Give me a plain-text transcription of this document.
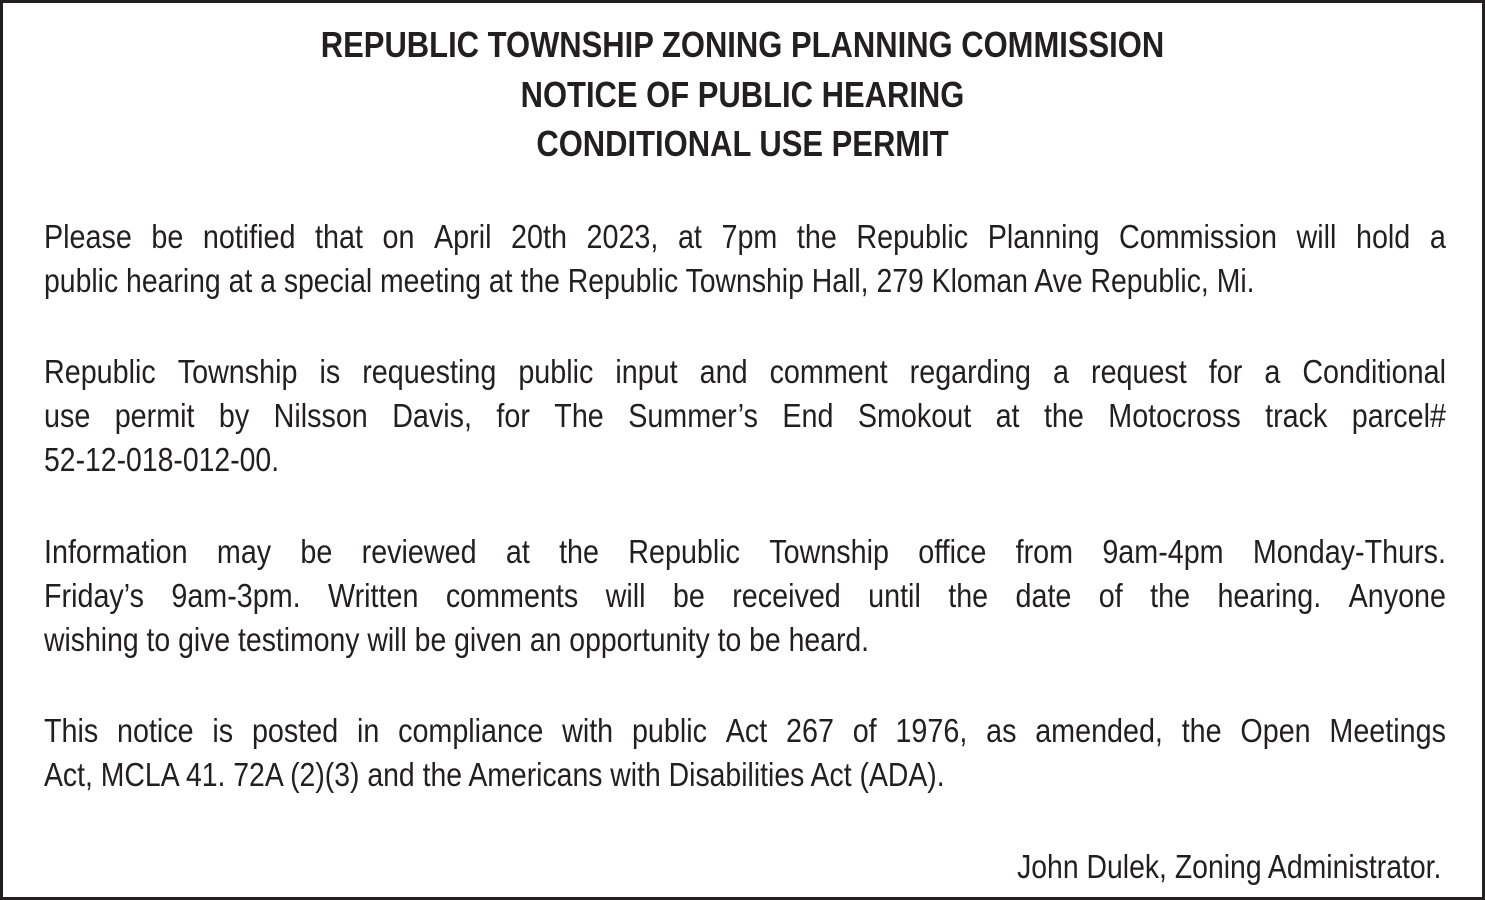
REPUBLIC TOWNSHIP ZONING PLANNING COMMISSION
NOTICE OF PUBLIC HEARING
CONDITIONAL USE PERMIT
Please be notified that on April 20th 2023, at 7pm the Republic Planning Commission will hold a
public hearing at a special meeting at the Republic Township Hall, 279 Kloman Ave Republic, Mi.
Republic Township is requesting public input and comment regarding a request for a Conditional
use permit by Nilsson Davis, for The Summer’s End Smokout at the Motocross track parcel#
52-12-018-012-00.
Information may be reviewed at the Republic Township office from 9am-4pm Monday-Thurs.
Friday’s 9am-3pm. Written comments will be received until the date of the hearing. Anyone
wishing to give testimony will be given an opportunity to be heard.
This notice is posted in compliance with public Act 267 of 1976, as amended, the Open Meetings
Act, MCLA 41. 72A (2)(3) and the Americans with Disabilities Act (ADA).
John Dulek, Zoning Administrator.
